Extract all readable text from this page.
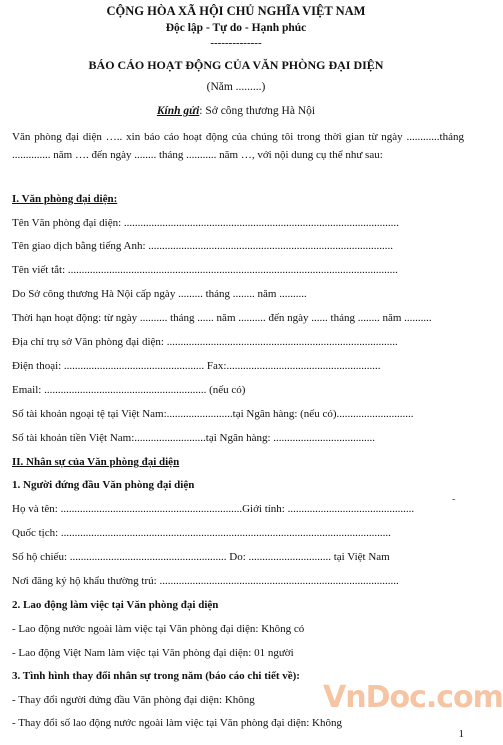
CỘNG HÒA XÃ HỘI CHỦ NGHĨA VIỆT NAM
Độc lập - Tự do - Hạnh phúc
--------------
BÁO CÁO HOẠT ĐỘNG CỦA VĂN PHÒNG ĐẠI DIỆN
(Năm .........)
Kính gửi: Sở công thương Hà Nội
Văn phòng đại diện ….. xin báo cáo hoạt động của chúng tôi trong thời gian từ ngày ............tháng .............. năm …. đến ngày ........ tháng ........... năm …, với nội dung cụ thể như sau:
I. Văn phòng đại diện:
Tên Văn phòng đại diện: ....................................................................................................
Tên giao dịch bằng tiếng Anh: .........................................................................................
Tên viết tắt: ........................................................................................................................
Do Sở công thương Hà Nội cấp ngày ......... tháng ........ năm ..........
Thời hạn hoạt động: từ ngày .......... tháng ...... năm .......... đến ngày ...... tháng ........ năm ..........
Địa chỉ trụ sở Văn phòng đại diện: ....................................................................................
Điện thoại: ................................................... Fax:........................................................
Email: ........................................................... (nếu có)
Số tài khoản ngoại tệ tại Việt Nam:........................tại Ngân hàng: (nếu có)............................
Số tài khoản tiền Việt Nam:..........................tại Ngân hàng: .....................................
II. Nhân sự của Văn phòng đại diện
1. Người đứng đầu Văn phòng đại diện
Họ và tên: ..................................................................Giới tính: ..............................................	˜
Quốc tịch: ........................................................................................................................
Số hộ chiếu: ......................................................... Do: .............................. tại Việt Nam
Nơi đăng ký hộ khẩu thường trú: .......................................................................................
2. Lao động làm việc tại Văn phòng đại diện
- Lao động nước ngoài làm việc tại Văn phòng đại diện: Không có
- Lao động Việt Nam làm việc tại Văn phòng đại diện: 01 người
3. Tình hình thay đổi nhân sự trong năm (báo cáo chi tiết về):
- Thay đổi người đứng đầu Văn phòng đại diện: Không
- Thay đổi số lao động nước ngoài làm việc tại Văn phòng đại diện: Không
VnDoc.com
1
